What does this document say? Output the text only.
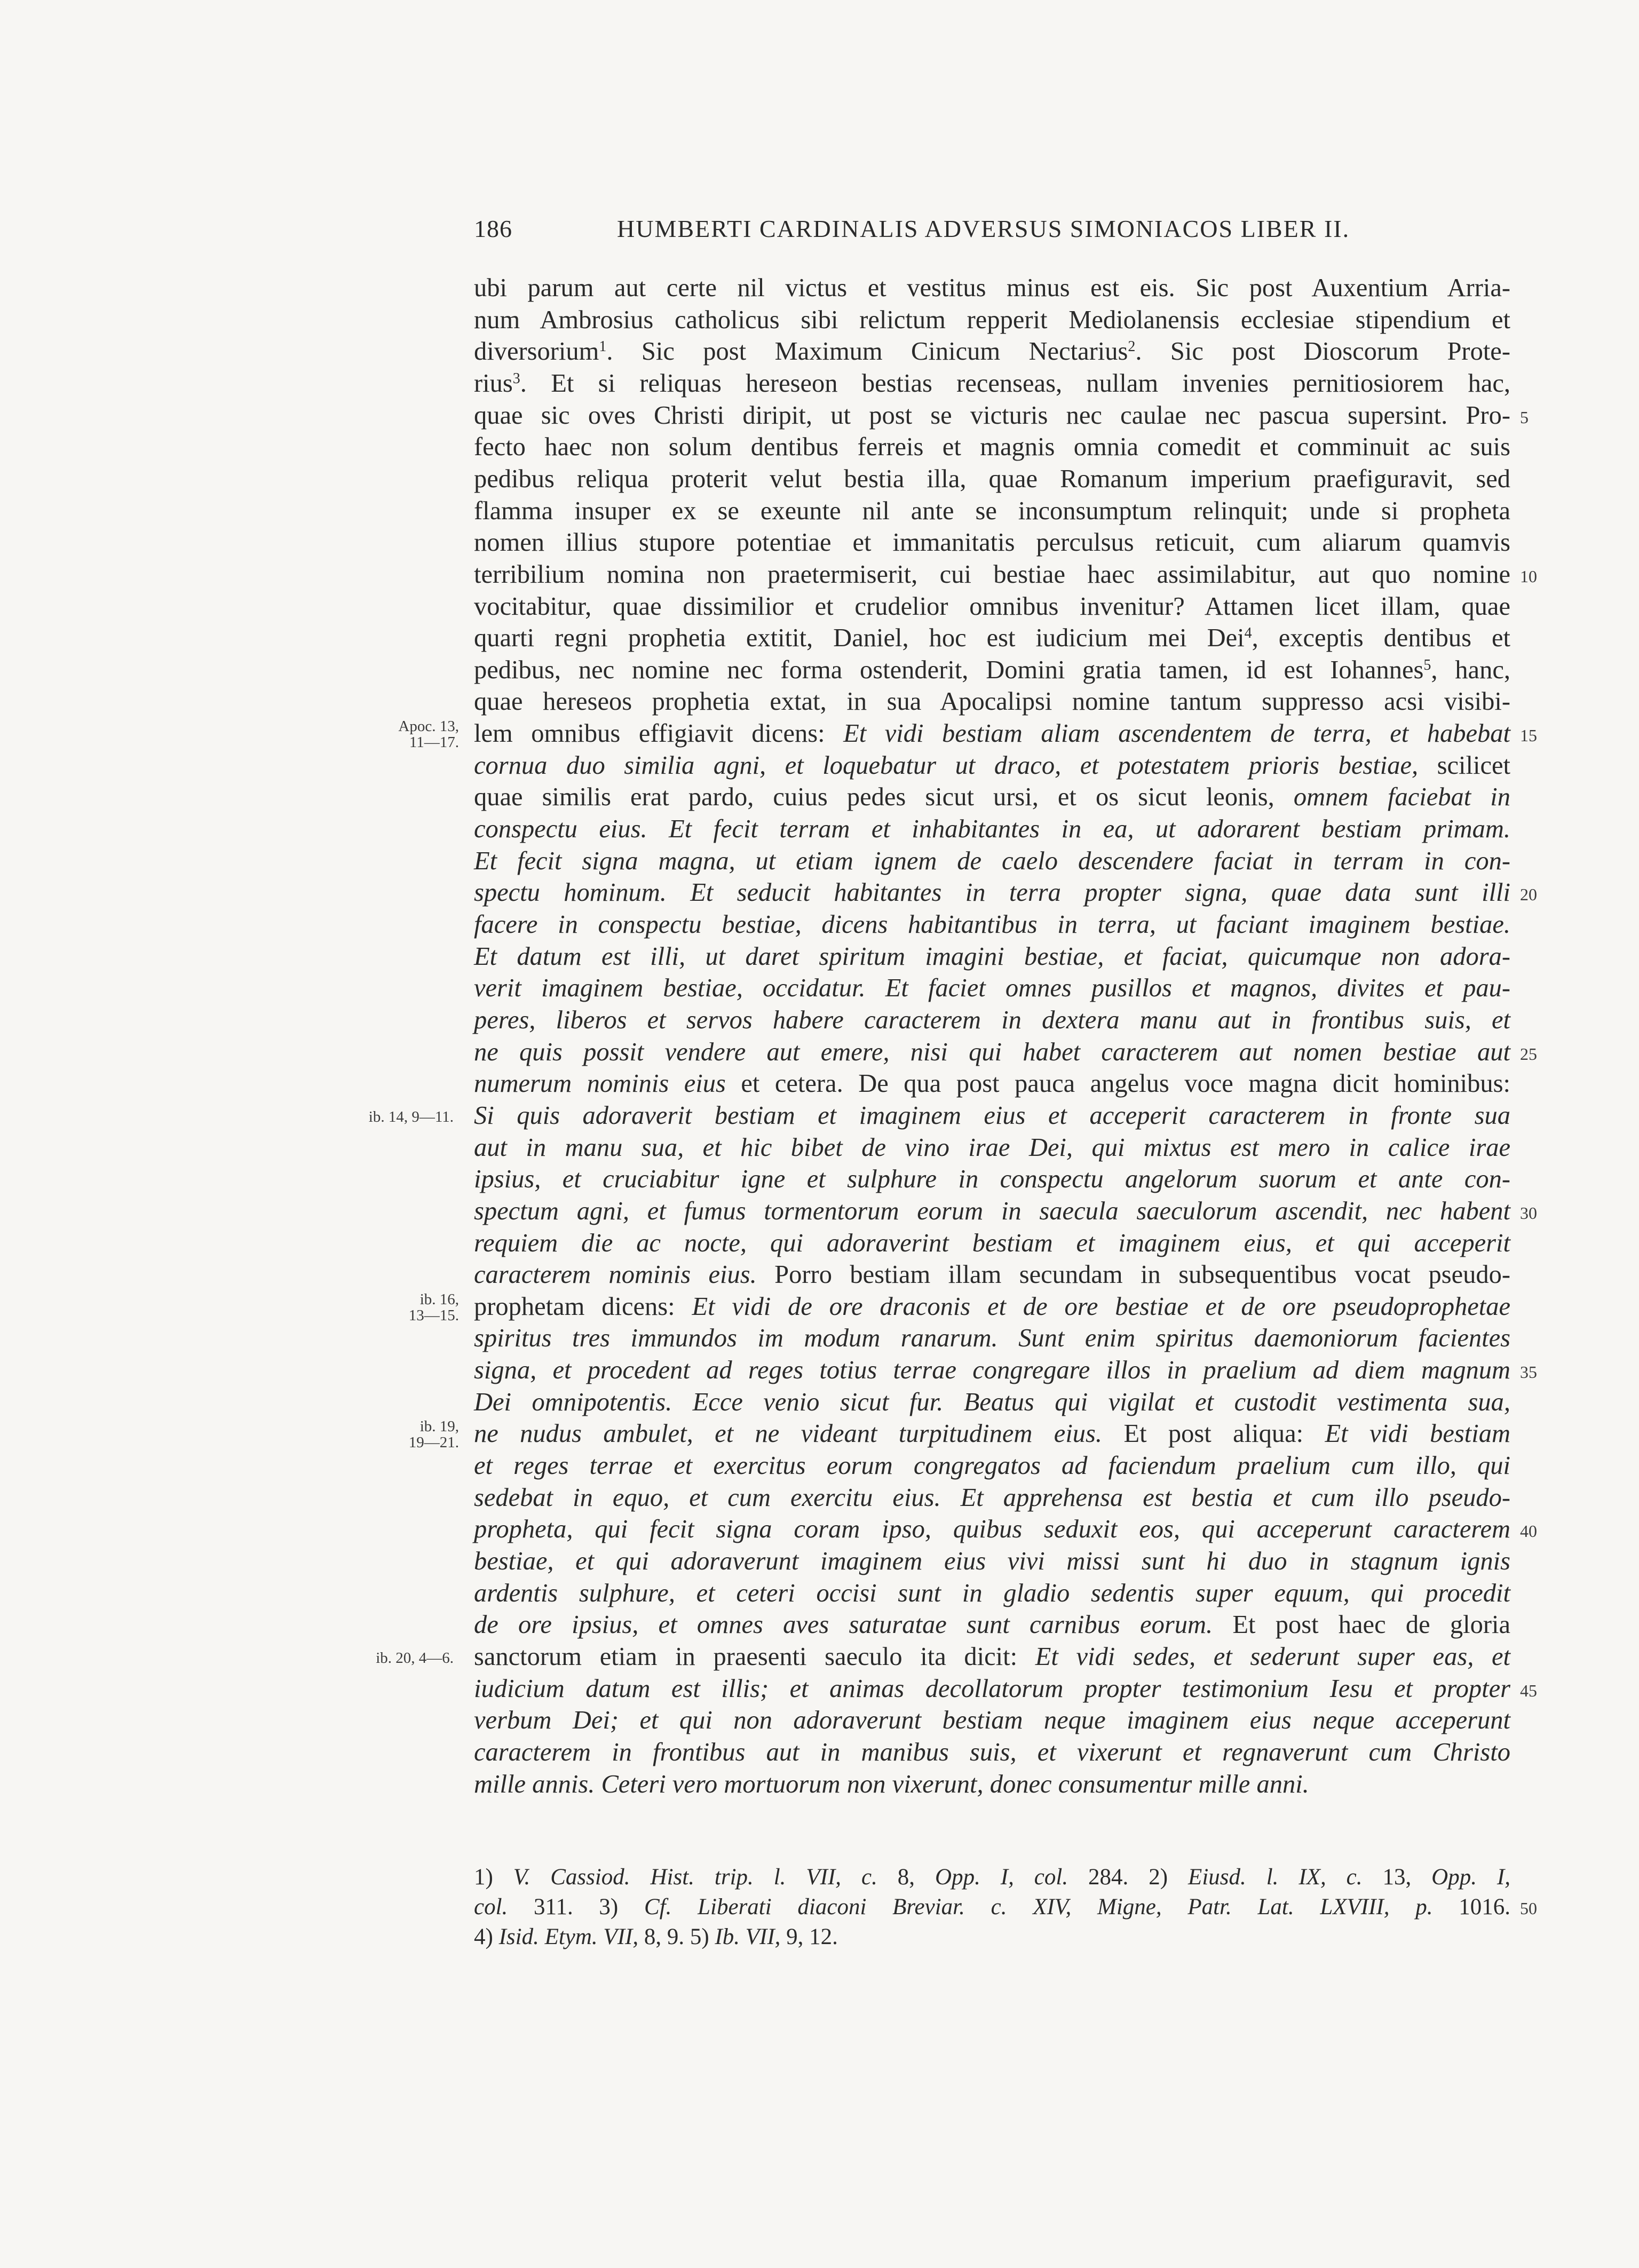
186	HUMBERTI CARDINALIS ADVERSUS SIMONIACOS LIBER II.
ubi parum aut certe nil victus et vestitus minus est eis. Sic post Auxentium Arria-
num Ambrosius catholicus sibi relictum repperit Mediolanensis ecclesiae stipendium et
diversorium$^1$. Sic post Maximum Cinicum Nectarius$^2$. Sic post Dioscorum Prote-
rius$^3$. Et si reliquas hereseon bestias recenseas, nullam invenies pernitiosiorem hac,
quae sic oves Christi diripit, ut post se victuris nec caulae nec pascua supersint. Pro-
fecto haec non solum dentibus ferreis et magnis omnia comedit et comminuit ac suis
pedibus reliqua proterit velut bestia illa, quae Romanum imperium praefiguravit, sed
flamma insuper ex se exeunte nil ante se inconsumptum relinquit; unde si propheta
nomen illius stupore potentiae et immanitatis perculsus reticuit, cum aliarum quamvis
terribilium nomina non praetermiserit, cui bestiae haec assimilabitur, aut quo nomine
vocitabitur, quae dissimilior et crudelior omnibus invenitur? Attamen licet illam, quae
quarti regni prophetia extitit, Daniel, hoc est iudicium mei Dei$^4$, exceptis dentibus et
pedibus, nec nomine nec forma ostenderit, Domini gratia tamen, id est Iohannes$^5$, hanc,
quae hereseos prophetia extat, in sua Apocalipsi nomine tantum suppresso acsi visibi-
lem omnibus effigiavit dicens: Et vidi bestiam aliam ascendentem de terra, et habebat
cornua duo similia agni, et loquebatur ut draco, et potestatem prioris bestiae, scilicet
quae similis erat pardo, cuius pedes sicut ursi, et os sicut leonis, omnem faciebat in
conspectu eius. Et fecit terram et inhabitantes in ea, ut adorarent bestiam primam.
Et fecit signa magna, ut etiam ignem de caelo descendere faciat in terram in con-
spectu hominum. Et seducit habitantes in terra propter signa, quae data sunt illi
facere in conspectu bestiae, dicens habitantibus in terra, ut faciant imaginem bestiae.
Et datum est illi, ut daret spiritum imagini bestiae, et faciat, quicumque non adora-
verit imaginem bestiae, occidatur. Et faciet omnes pusillos et magnos, divites et pau-
peres, liberos et servos habere caracterem in dextera manu aut in frontibus suis, et
ne quis possit vendere aut emere, nisi qui habet caracterem aut nomen bestiae aut
numerum nominis eius et cetera. De qua post pauca angelus voce magna dicit hominibus:
Si quis adoraverit bestiam et imaginem eius et acceperit caracterem in fronte sua
aut in manu sua, et hic bibet de vino irae Dei, qui mixtus est mero in calice irae
ipsius, et cruciabitur igne et sulphure in conspectu angelorum suorum et ante con-
spectum agni, et fumus tormentorum eorum in saecula saeculorum ascendit, nec habent
requiem die ac nocte, qui adoraverint bestiam et imaginem eius, et qui acceperit
caracterem nominis eius. Porro bestiam illam secundam in subsequentibus vocat pseudo-
prophetam dicens: Et vidi de ore draconis et de ore bestiae et de ore pseudoprophetae
spiritus tres immundos im modum ranarum. Sunt enim spiritus daemoniorum facientes
signa, et procedent ad reges totius terrae congregare illos in praelium ad diem magnum
Dei omnipotentis. Ecce venio sicut fur. Beatus qui vigilat et custodit vestimenta sua,
ne nudus ambulet, et ne videant turpitudinem eius. Et post aliqua: Et vidi bestiam
et reges terrae et exercitus eorum congregatos ad faciendum praelium cum illo, qui
sedebat in equo, et cum exercitu eius. Et apprehensa est bestia et cum illo pseudo-
propheta, qui fecit signa coram ipso, quibus seduxit eos, qui acceperunt caracterem
bestiae, et qui adoraverunt imaginem eius vivi missi sunt hi duo in stagnum ignis
ardentis sulphure, et ceteri occisi sunt in gladio sedentis super equum, qui procedit
de ore ipsius, et omnes aves saturatae sunt carnibus eorum. Et post haec de gloria
sanctorum etiam in praesenti saeculo ita dicit: Et vidi sedes, et sederunt super eas, et
iudicium datum est illis; et animas decollatorum propter testimonium Iesu et propter
verbum Dei; et qui non adoraverunt bestiam neque imaginem eius neque acceperunt
caracterem in frontibus aut in manibus suis, et vixerunt et regnaverunt cum Christo
mille annis. Ceteri vero mortuorum non vixerunt, donec consumentur mille anni.
5
10
15
20
25
30
35
40
45
Apoc. 13,
11—17.
ib. 14, 9—11.
ib. 16,
13—15.
ib. 19,
19—21.
ib. 20, 4—6.
1) V. Cassiod. Hist. trip. l. VII, c. 8, Opp. I, col. 284. 2) Eiusd. l. IX, c. 13, Opp. I,
col. 311. 3) Cf. Liberati diaconi Breviar. c. XIV, Migne, Patr. Lat. LXVIII, p. 1016.
4) Isid. Etym. VII, 8, 9. 5) Ib. VII, 9, 12.
50
